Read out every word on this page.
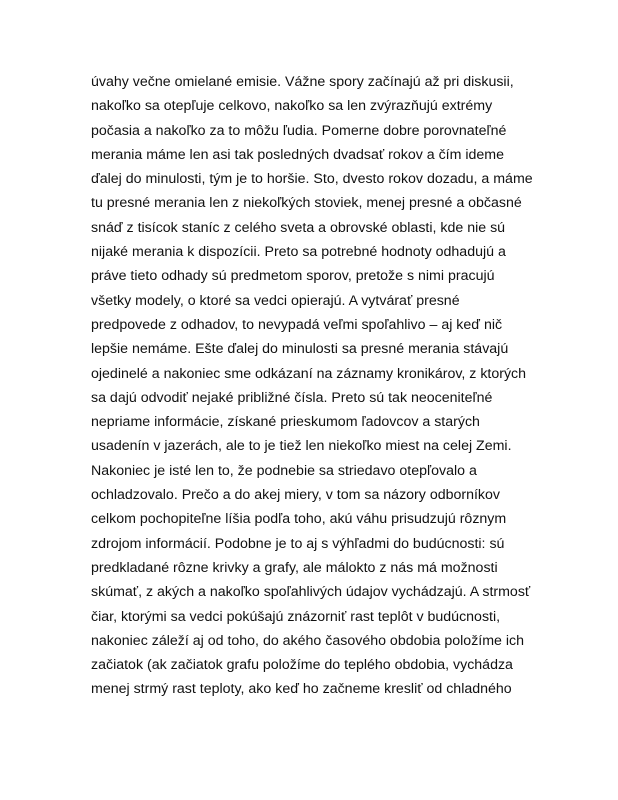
úvahy večne omielané emisie. Vážne spory začínajú až pri diskusii,
nakoľko sa otepľuje celkovo, nakoľko sa len zvýrazňujú extrémy
počasia a nakoľko za to môžu ľudia. Pomerne dobre porovnateľné
merania máme len asi tak posledných dvadsať rokov a čím ideme
ďalej do minulosti, tým je to horšie. Sto, dvesto rokov dozadu, a máme
tu presné merania len z niekoľkých stoviek, menej presné a občasné
snáď z tisícok staníc z celého sveta a obrovské oblasti, kde nie sú
nijaké merania k dispozícii. Preto sa potrebné hodnoty odhadujú a
práve tieto odhady sú predmetom sporov, pretože s nimi pracujú
všetky modely, o ktoré sa vedci opierajú. A vytvárať presné
predpovede z odhadov, to nevypadá veľmi spoľahlivo – aj keď nič
lepšie nemáme. Ešte ďalej do minulosti sa presné merania stávajú
ojedinelé a nakoniec sme odkázaní na záznamy kronikárov, z ktorých
sa dajú odvodiť nejaké približné čísla. Preto sú tak neoceniteľné
nepriame informácie, získané prieskumom ľadovcov a starých
usadenín v jazerách, ale to je tiež len niekoľko miest na celej Zemi.
Nakoniec je isté len to, že podnebie sa striedavo otepľovalo a
ochladzovalo. Prečo a do akej miery, v tom sa názory odborníkov
celkom pochopiteľne líšia podľa toho, akú váhu prisudzujú rôznym
zdrojom informácií. Podobne je to aj s výhľadmi do budúcnosti: sú
predkladané rôzne krivky a grafy, ale málokto z nás má možnosti
skúmať, z akých a nakoľko spoľahlivých údajov vychádzajú. A strmosť
čiar, ktorými sa vedci pokúšajú znázorniť rast teplôt v budúcnosti,
nakoniec záleží aj od toho, do akého časového obdobia položíme ich
začiatok (ak začiatok grafu položíme do teplého obdobia, vychádza
menej strmý rast teploty, ako keď ho začneme kresliť od chladného
